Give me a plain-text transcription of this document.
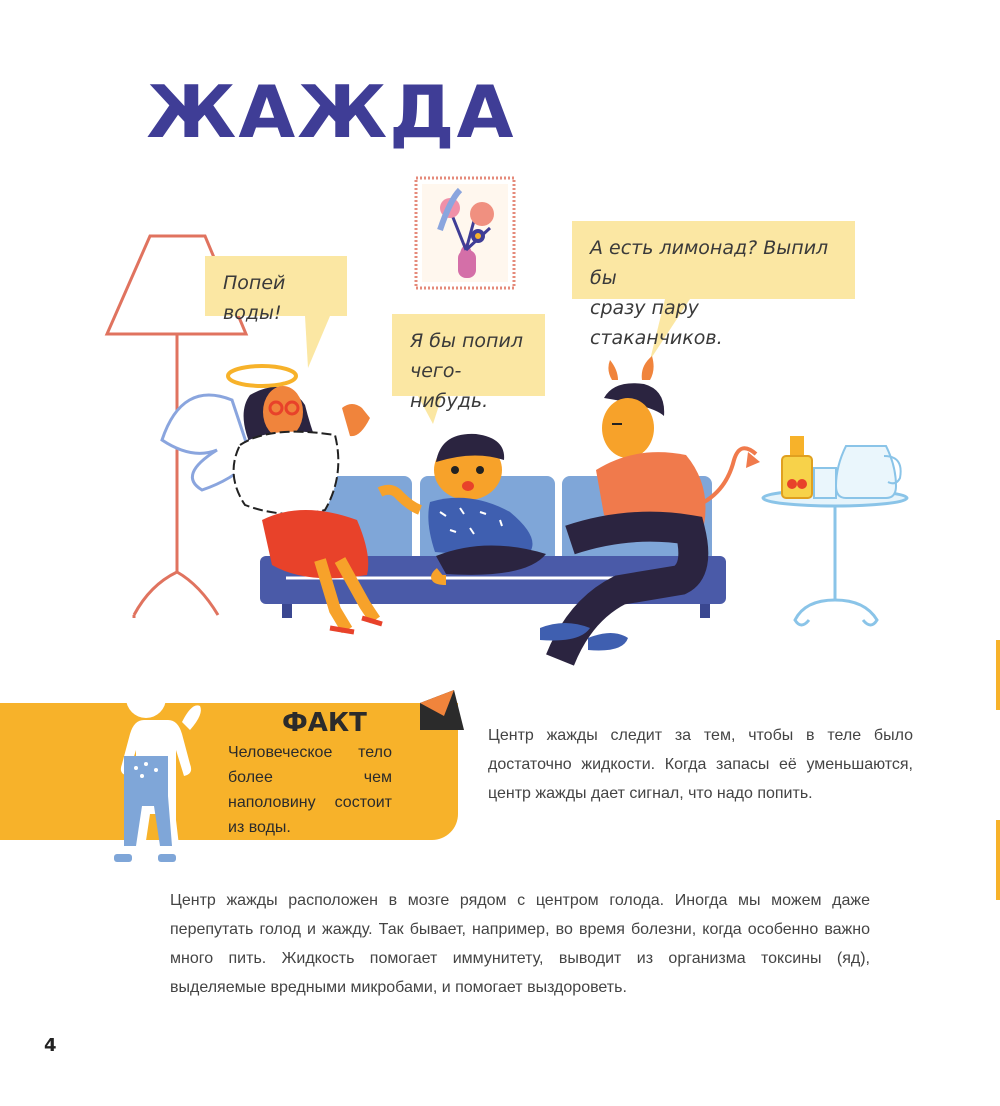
ЖАЖДА
Попей воды!
Я бы попил
чего-нибудь.
А есть лимонад? Выпил бы
сразу пару стаканчиков.
ФАКТ
Человеческое тело более чем наполовину состоит из воды.
Центр жажды следит за тем, чтобы в теле было достаточно жидкости. Когда запасы её уменьшаются, центр жажды дает сигнал, что надо попить.
Центр жажды расположен в мозге рядом с центром голода. Иногда мы можем даже перепутать голод и жажду. Так бывает, например, во время болезни, когда особенно важно много пить. Жидкость помогает иммунитету, выводит из организма токсины (яд), выделяемые вредными микробами, и помогает выздороветь.
4
